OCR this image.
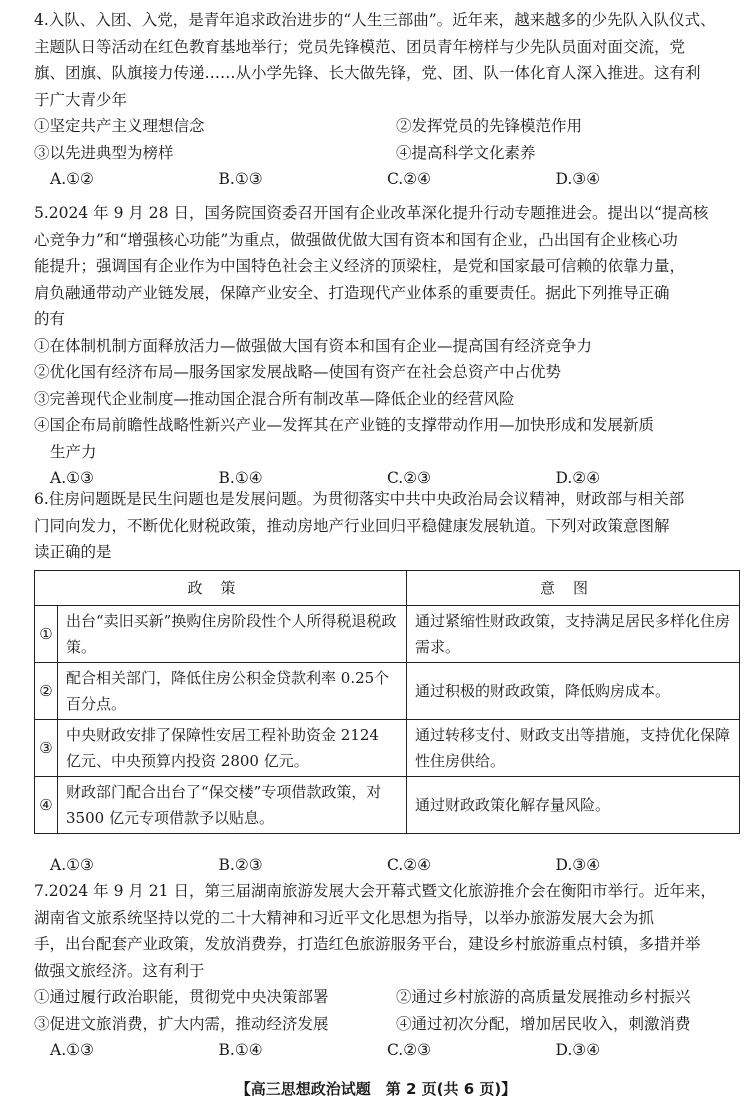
4.入队、入团、入党，是青年追求政治进步的“人生三部曲”。近年来，越来越多的少先队入队仪式、

主题队日等活动在红色教育基地举行；党员先锋模范、团员青年榜样与少先队员面对面交流，党

旗、团旗、队旗接力传递……从小学先锋、长大做先锋，党、团、队一体化育人深入推进。这有利

于广大青少年

①坚定共产主义理想信念	②发挥党员的先锋模范作用
③以先进典型为榜样	④提高科学文化素养
A.①②	B.①③	C.②④	D.③④

5.2024 年 9 月 28 日，国务院国资委召开国有企业改革深化提升行动专题推进会。提出以“提高核

心竞争力”和“增强核心功能”为重点，做强做优做大国有资本和国有企业，凸出国有企业核心功

能提升；强调国有企业作为中国特色社会主义经济的顶梁柱，是党和国家最可信赖的依靠力量，

肩负融通带动产业链发展，保障产业安全、打造现代产业体系的重要责任。据此下列推导正确

的有

①在体制机制方面释放活力—做强做大国有资本和国有企业—提高国有经济竞争力

②优化国有经济布局—服务国家发展战略—使国有资产在社会总资产中占优势

③完善现代企业制度—推动国企混合所有制改革—降低企业的经营风险

④国企布局前瞻性战略性新兴产业—发挥其在产业链的支撑带动作用—加快形成和发展新质

生产力

A.①③	B.①④	C.②③	D.②④

6.住房问题既是民生问题也是发展问题。为贯彻落实中共中央政治局会议精神，财政部与相关部

门同向发力，不断优化财税政策，推动房地产行业回归平稳健康发展轨道。下列对政策意图解

读正确的是

政策		意图
①	出台“卖旧买新”换购住房阶段性个人所得税退税政策。	通过紧缩性财政政策，支持满足居民多样化住房需求。
②	配合相关部门，降低住房公积金贷款利率 0.25个百分点。	通过积极的财政政策，降低购房成本。
③	中央财政安排了保障性安居工程补助资金 2124 亿元、中央预算内投资 2800 亿元。	通过转移支付、财政支出等措施，支持优化保障性住房供给。
④	财政部门配合出台了“保交楼”专项借款政策，对 3500 亿元专项借款予以贴息。	通过财政政策化解存量风险。
A.①③	B.②③	C.②④	D.③④

7.2024 年 9 月 21 日，第三届湖南旅游发展大会开幕式暨文化旅游推介会在衡阳市举行。近年来，

湖南省文旅系统坚持以党的二十大精神和习近平文化思想为指导，以举办旅游发展大会为抓

手，出台配套产业政策，发放消费券，打造红色旅游服务平台，建设乡村旅游重点村镇，多措并举

做强文旅经济。这有利于

①通过履行政治职能，贯彻党中央决策部署	②通过乡村旅游的高质量发展推动乡村振兴
③促进文旅消费，扩大内需，推动经济发展	④通过初次分配，增加居民收入，刺激消费
A.①③	B.①④	C.②③	D.③④
【高三思想政治试题　第 2 页(共 6 页)】
